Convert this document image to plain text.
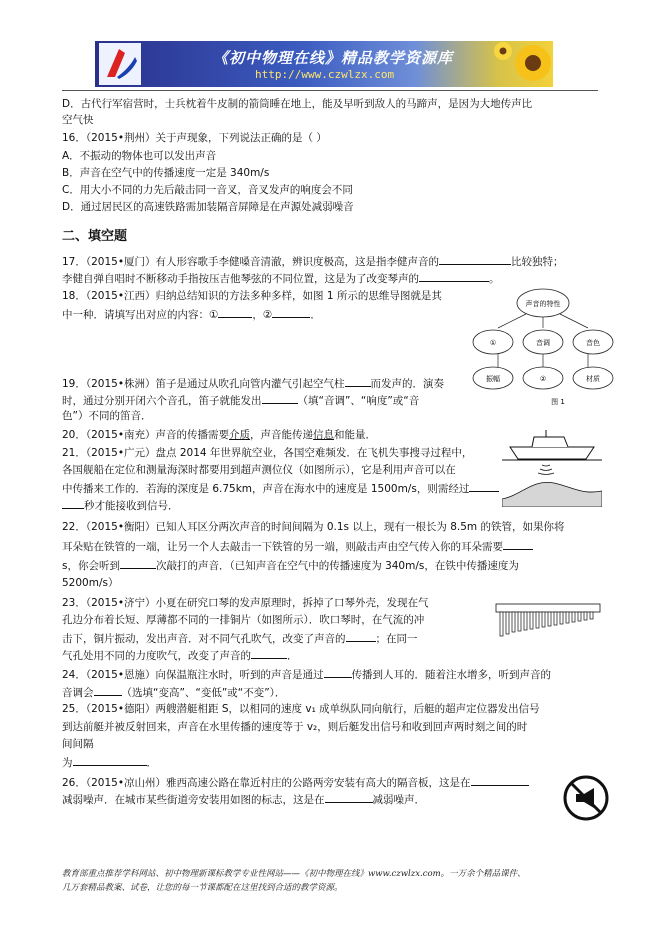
《初中物理在线》精品教学资源库
http://www.czwlzx.com
D．古代行军宿营时，士兵枕着牛皮制的箭筒睡在地上，能及早听到敌人的马蹄声，是因为大地传声比
空气快
16．（2015•荆州）关于声现象，下列说法正确的是（ ）
A．不振动的物体也可以发出声音
B．声音在空气中的传播速度一定是 340m/s
C．用大小不同的力先后敲击同一音叉，音叉发声的响度会不同
D．通过居民区的高速铁路需加装隔音屏障是在声源处减弱噪音
二、填空题
17．（2015•厦门）有人形容歌手李健嗓音清澈，辨识度极高，这是指李健声音的	比较独特；
李健自弹自唱时不断移动手指按压吉他琴弦的不同位置，这是为了改变琴声的	。
18．（2015•江西）归纳总结知识的方法多种多样，如图 1 所示的思维导图就是其
中一种．请填写出对应的内容：①	，②	．
声音的特性
①	音调	音色
振幅	②	材质
图 1
19．（2015•株洲）笛子是通过从吹孔向管内灌气引起空气柱 而发声的．演奏
时，通过分别开闭六个音孔，笛子就能发出	（填“音调”、“响度”或“音
色”）不同的笛音．
20．（2015•南充）声音的传播需要介质，声音能传递信息和能量．
21．（2015•广元）盘点 2014 年世界航空业，各国空难频发．在飞机失事搜寻过程中，
各国舰船在定位和测量海深时都要用到超声测位仪（如图所示），它是利用声音可以在
中传播来工作的．若海的深度是 6.75km，声音在海水中的速度是 1500m/s，则需经过
秒才能接收到信号．
22．（2015•衡阳）已知人耳区分两次声音的时间间隔为 0.1s 以上，现有一根长为 8.5m 的铁管，如果你将
耳朵贴在铁管的一端，让另一个人去敲击一下铁管的另一端，则敲击声由空气传入你的耳朵需要
s，你会听到	次敲打的声音．（已知声音在空气中的传播速度为 340m/s，在铁中传播速度为
5200m/s）
23．（2015•济宁）小夏在研究口琴的发声原理时，拆掉了口琴外壳，发现在气
孔边分布着长短、厚薄都不同的一排铜片（如图所示）．吹口琴时，在气流的冲
击下，铜片振动，发出声音．对不同气孔吹气，改变了声音的	；在同一
气孔处用不同的力度吹气，改变了声音的	．
24．（2015•恩施）向保温瓶注水时，听到的声音是通过	传播到人耳的．随着注水增多，听到声音的
音调会	（选填“变高”、“变低”或“不变”）．
25．（2015•德阳）两艘潜艇相距 S，以相同的速度 v₁ 成单纵队同向航行，后艇的超声定位器发出信号
到达前艇并被反射回来，声音在水里传播的速度等于 v₂，则后艇发出信号和收到回声两时刻之间的时
间间隔
为	．
26．（2015•凉山州）雅西高速公路在靠近村庄的公路两旁安装有高大的隔音板，这是在
减弱噪声．在城市某些街道旁安装用如图的标志，这是在	减弱噪声．
教育部重点推荐学科网站、初中物理新课标教学专业性网站——《初中物理在线》www.czwlzx.com。一万余个精品课件、
几万套精品教案、试卷，让您的每一节课都配在这里找到合适的教学资源。
